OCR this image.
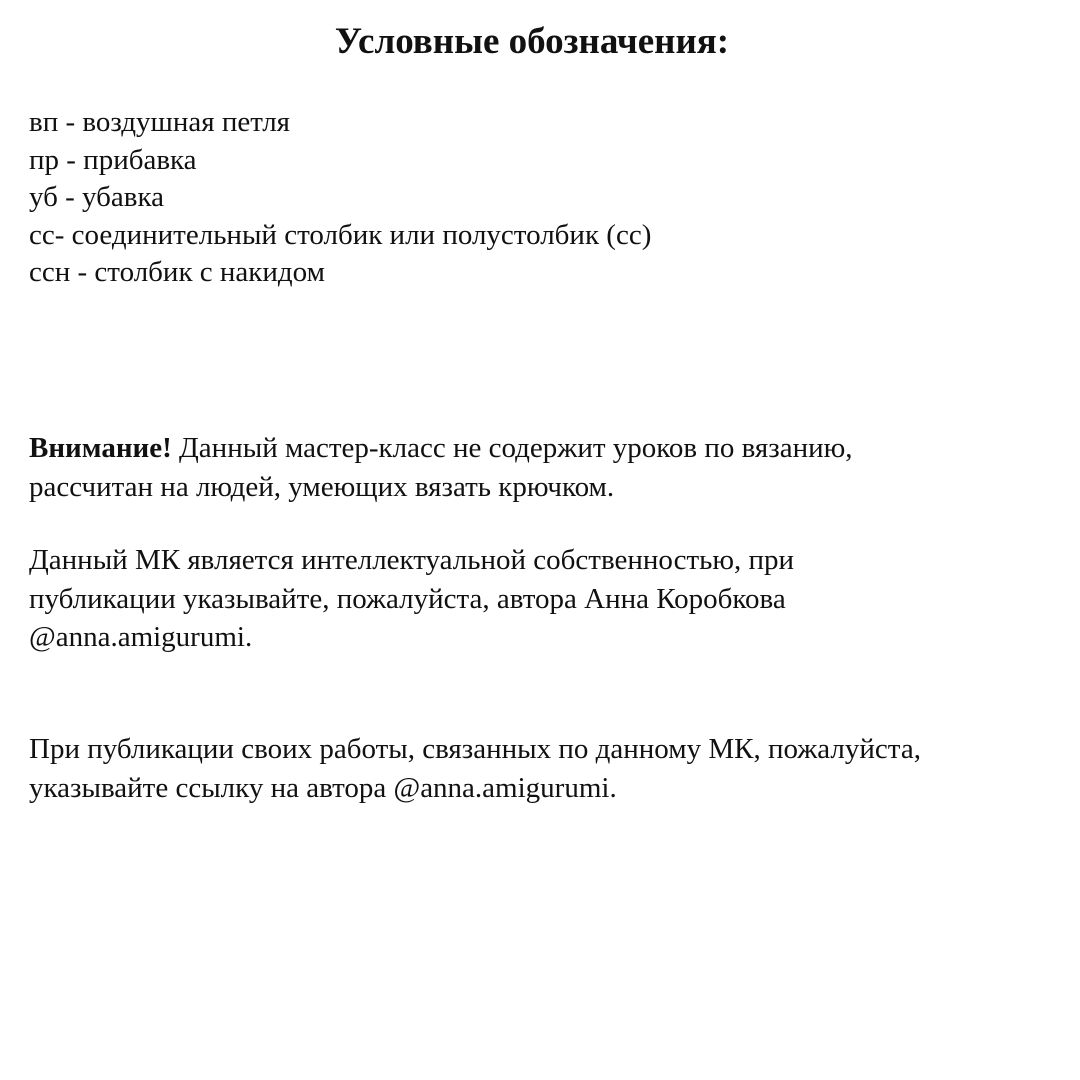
Условные обозначения:
вп - воздушная петля
пр - прибавка
уб - убавка
сс- соединительный столбик или полустолбик (сс)
ссн - столбик с накидом

Внимание! Данный мастер-класс не содержит уроков по вязанию,
рассчитан на людей, умеющих вязать крючком.

Данный МК является интеллектуальной собственностью, при
публикации указывайте, пожалуйста, автора Анна Коробкова
@anna.amigurumi.

При публикации своих работы, связанных по данному МК, пожалуйста,
указывайте ссылку на автора @anna.amigurumi.
